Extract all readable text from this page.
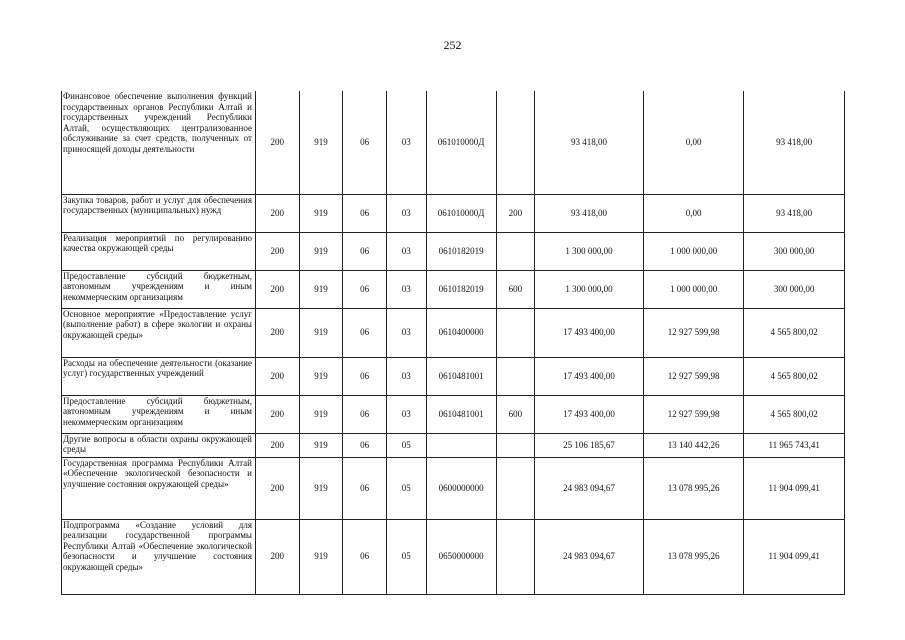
252
Финансовое обеспечение выполнения функций государственных органов Республики Алтай и государственных учреждений Республики Алтай, осуществляющих централизованное обслуживание за счет средств, полученных от приносящей доходы деятельности	200	919	06	03	061010000Д		93 418,00	0,00	93 418,00
Закупка товаров, работ и услуг для обеспечения государственных (муниципальных) нужд	200	919	06	03	061010000Д	200	93 418,00	0,00	93 418,00
Реализация мероприятий по регулированию качества окружающей среды	200	919	06	03	0610182019		1 300 000,00	1 000 000,00	300 000,00
Предоставление субсидий бюджетным, автономным учреждениям и иным некоммерческим организациям	200	919	06	03	0610182019	600	1 300 000,00	1 000 000,00	300 000,00
Основное мероприятие «Предоставление услуг (выполнение работ) в сфере экологии и охраны окружающей среды»	200	919	06	03	0610400000		17 493 400,00	12 927 599,98	4 565 800,02
Расходы на обеспечение деятельности (оказание услуг) государственных учреждений	200	919	06	03	0610481001		17 493 400,00	12 927 599,98	4 565 800,02
Предоставление субсидий бюджетным, автономным учреждениям и иным некоммерческим организациям	200	919	06	03	0610481001	600	17 493 400,00	12 927 599,98	4 565 800,02
Другие вопросы в области охраны окружающей среды	200	919	06	05			25 106 185,67	13 140 442,26	11 965 743,41
Государственная программа Республики Алтай «Обеспечение экологической безопасности и улучшение состояния окружающей среды»	200	919	06	05	0600000000		24 983 094,67	13 078 995,26	11 904 099,41
Подпрограмма «Создание условий для реализации государственной программы Республики Алтай «Обеспечение экологической безопасности и улучшение состояния окружающей среды»	200	919	06	05	0650000000		24 983 094,67	13 078 995,26	11 904 099,41
